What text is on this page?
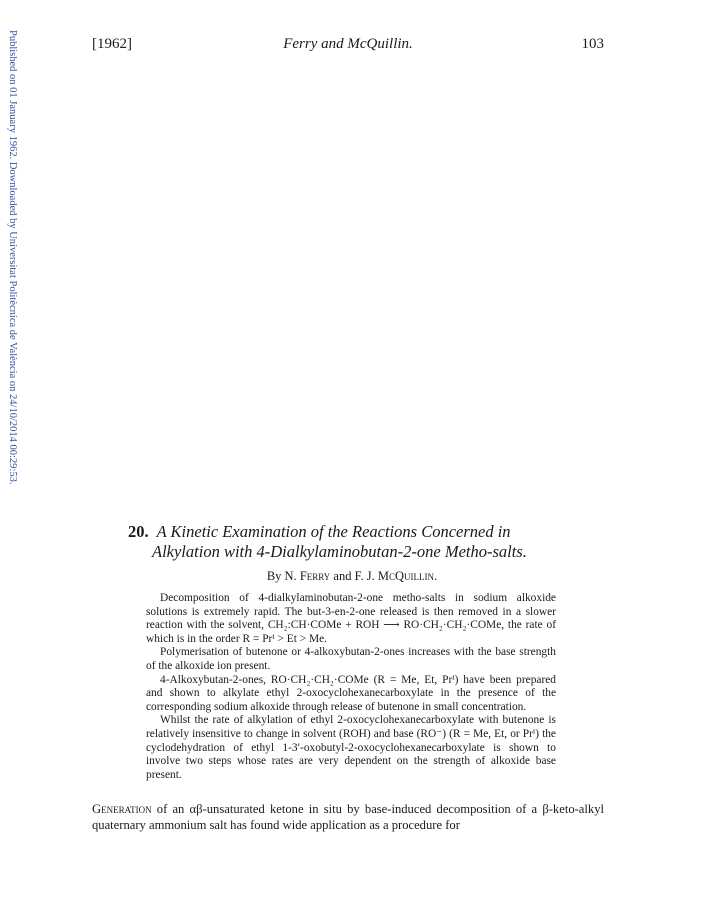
Published on 01 January 1962. Downloaded by Universitat Politècnica de València on 24/10/2014 00:29:53.	[1962]	Ferry and McQuillin.	103
20. A Kinetic Examination of the Reactions Concerned in
Alkylation with 4-Dialkylaminobutan-2-one Metho-salts.
By N. Ferry and F. J. McQuillin.

Decomposition of 4-dialkylaminobutan-2-one metho-salts in sodium alkoxide solutions is extremely rapid. The but-3-en-2-one released is then removed in a slower reaction with the solvent, CH₂:CH·COMe + ROH ⟶ RO·CH₂·CH₂·COMe, the rate of which is in the order R = Prⁱ > Et > Me.

Polymerisation of butenone or 4-alkoxybutan-2-ones increases with the base strength of the alkoxide ion present.

4-Alkoxybutan-2-ones, RO·CH₂·CH₂·COMe (R = Me, Et, Prⁱ) have been prepared and shown to alkylate ethyl 2-oxocyclohexanecarboxylate in the presence of the corresponding sodium alkoxide through release of butenone in small concentration.

Whilst the rate of alkylation of ethyl 2-oxocyclohexanecarboxylate with butenone is relatively insensitive to change in solvent (ROH) and base (RO⁻) (R = Me, Et, or Prⁱ) the cyclodehydration of ethyl 1-3′-oxobutyl-2-oxocyclohexanecarboxylate is shown to involve two steps whose rates are very dependent on the strength of alkoxide base present.

Generation of an αβ-unsaturated ketone in situ by base-induced decomposition of a β-keto-alkyl quaternary ammonium salt has found wide application as a procedure for
